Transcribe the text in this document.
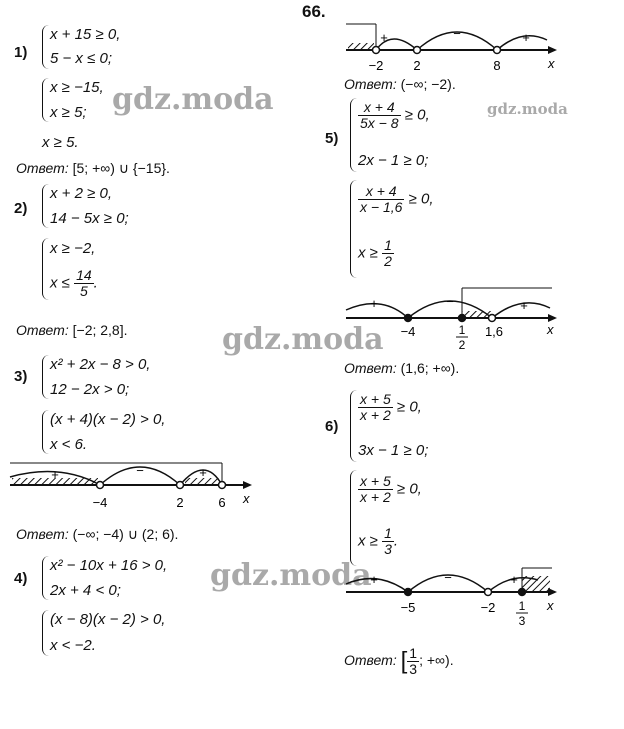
66.
gdz.moda	gdz.moda
gdz.moda
gdz.moda
1)
x + 15 ≥ 0,
5 − x ≤ 0;
x ≥ −15,
x ≥ 5;
x ≥ 5.
Ответ: [5; +∞) ∪ {−15}.
2)
x + 2 ≥ 0,
14 − 5x ≥ 0;
x ≥ −2,
$x \le \frac{14}{5}$ .
Ответ: [−2; 2,8].
3)
x² + 2x − 8 > 0,
12 − 2x > 0;
(x + 4)(x − 2) > 0,
x < 6.
+	−	+
−4	2	6 x
Ответ: (−∞; −4) ∪ (2; 6).
4)
x² − 10x + 16 > 0,
2x + 4 < 0;
(x − 8)(x − 2) > 0,
x < −2.
+	−	+
−2 2	8	x
Ответ: (−∞; −2).
5)
$\frac{x + 4}{5x - 8} \ge 0$,
2x − 1 ≥ 0;
$\frac{x + 4}{x - 1,6} \ge 0$,
$x \ge \frac{1}{2}$
+	−	+
−4	1
2
1,6	x
Ответ: (1,6; +∞).
6)
$\frac{x + 5}{x + 2} \ge 0$,
3x − 1 ≥ 0;
$\frac{x + 5}{x + 2} \ge 0$,
$x \ge \frac{1}{3}$ .
+	−	+
−5	−2 1
3
x
Ответ: [ $\frac{1}{3}$ ; +∞).
